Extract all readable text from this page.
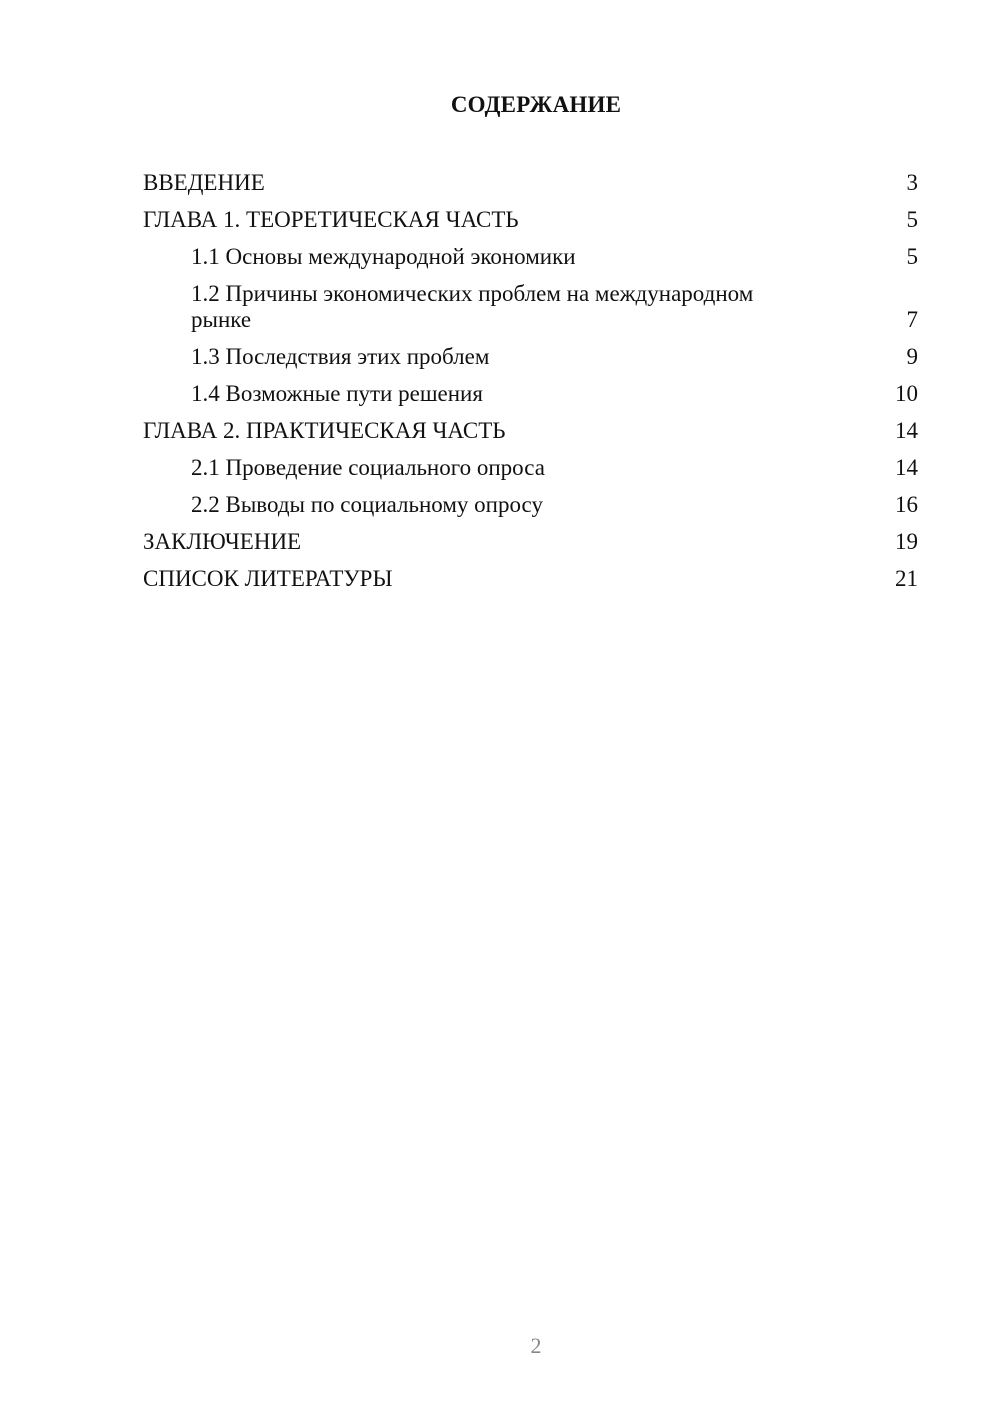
СОДЕРЖАНИЕ
ВВЕДЕНИЕ	3
ГЛАВА 1. ТЕОРЕТИЧЕСКАЯ ЧАСТЬ	5
1.1 Основы международной экономики	5
1.2 Причины экономических проблем на международном рынке	7
1.3 Последствия этих проблем	9
1.4 Возможные пути решения	10
ГЛАВА 2. ПРАКТИЧЕСКАЯ ЧАСТЬ	14
2.1 Проведение социального опроса	14
2.2 Выводы по социальному опросу	16
ЗАКЛЮЧЕНИЕ	19
СПИСОК ЛИТЕРАТУРЫ	21
2
